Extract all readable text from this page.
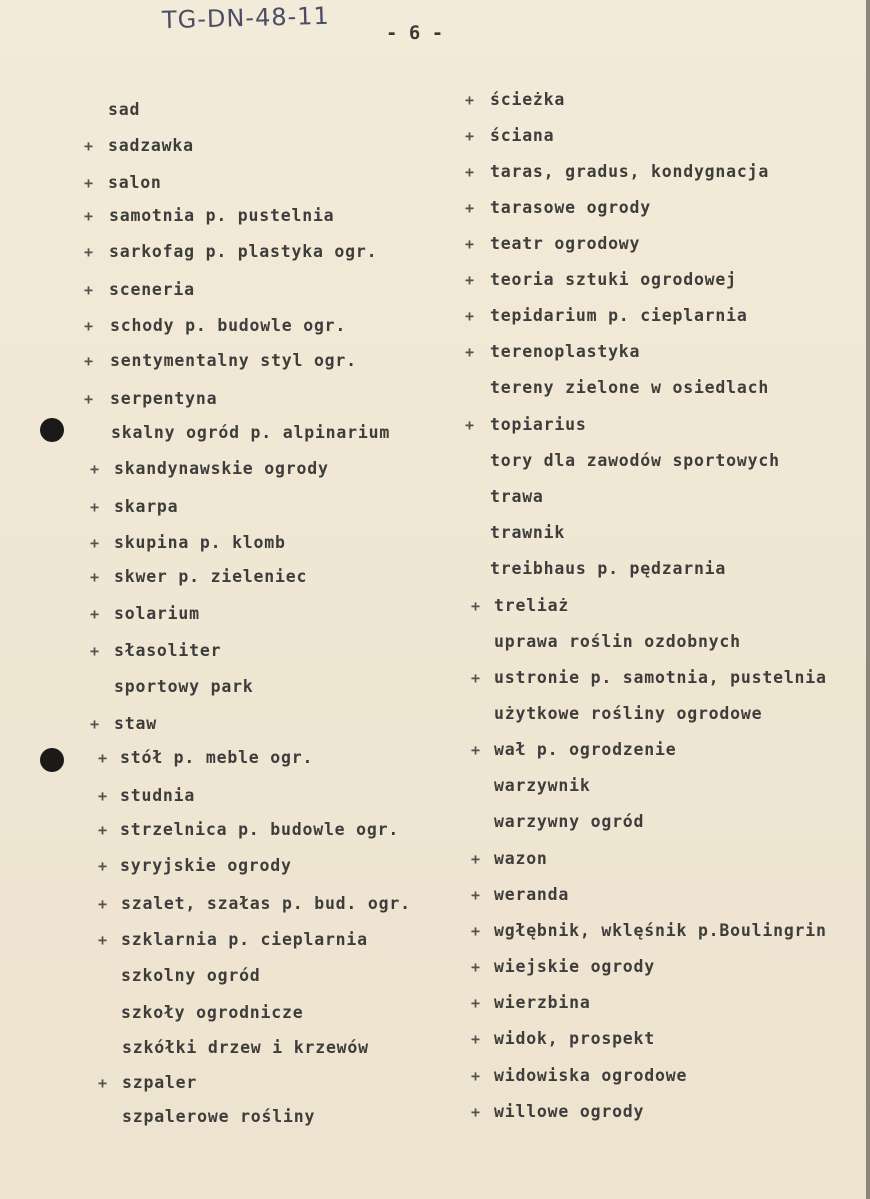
TG-DN-48-11	- 6 -
sad
+ sadzawka
+ salon
+ samotnia p. pustelnia
+ sarkofag p. plastyka ogr.
+ sceneria
+ schody p. budowle ogr.
+ sentymentalny styl ogr.
+ serpentyna
skalny ogród p. alpinarium
+ skandynawskie ogrody
+ skarpa
+ skupina p. klomb
+ skwer p. zieleniec
+ solarium
+ słasoliter
sportowy park
+ staw
+ stół p. meble ogr.
+ studnia
+ strzelnica p. budowle ogr.
+ syryjskie ogrody
+ szalet, szałas p. bud. ogr.
+ szklarnia p. cieplarnia
szkolny ogród
szkoły ogrodnicze
szkółki drzew i krzewów
+ szpaler
szpalerowe rośliny
+ ścieżka
+ ściana
+ taras, gradus, kondygnacja
+ tarasowe ogrody
+ teatr ogrodowy
+ teoria sztuki ogrodowej
+ tepidarium p. cieplarnia
+ terenoplastyka
tereny zielone w osiedlach
+ topiarius
tory dla zawodów sportowych
trawa
trawnik
treibhaus p. pędzarnia
+ treliaż
uprawa roślin ozdobnych
+ ustronie p. samotnia, pustelnia
użytkowe rośliny ogrodowe
+ wał p. ogrodzenie
warzywnik
warzywny ogród
+ wazon
+ weranda
+ wgłębnik, wklęśnik p.Boulingrin
+ wiejskie ogrody
+ wierzbina
+ widok, prospekt
+ widowiska ogrodowe
+ willowe ogrody
